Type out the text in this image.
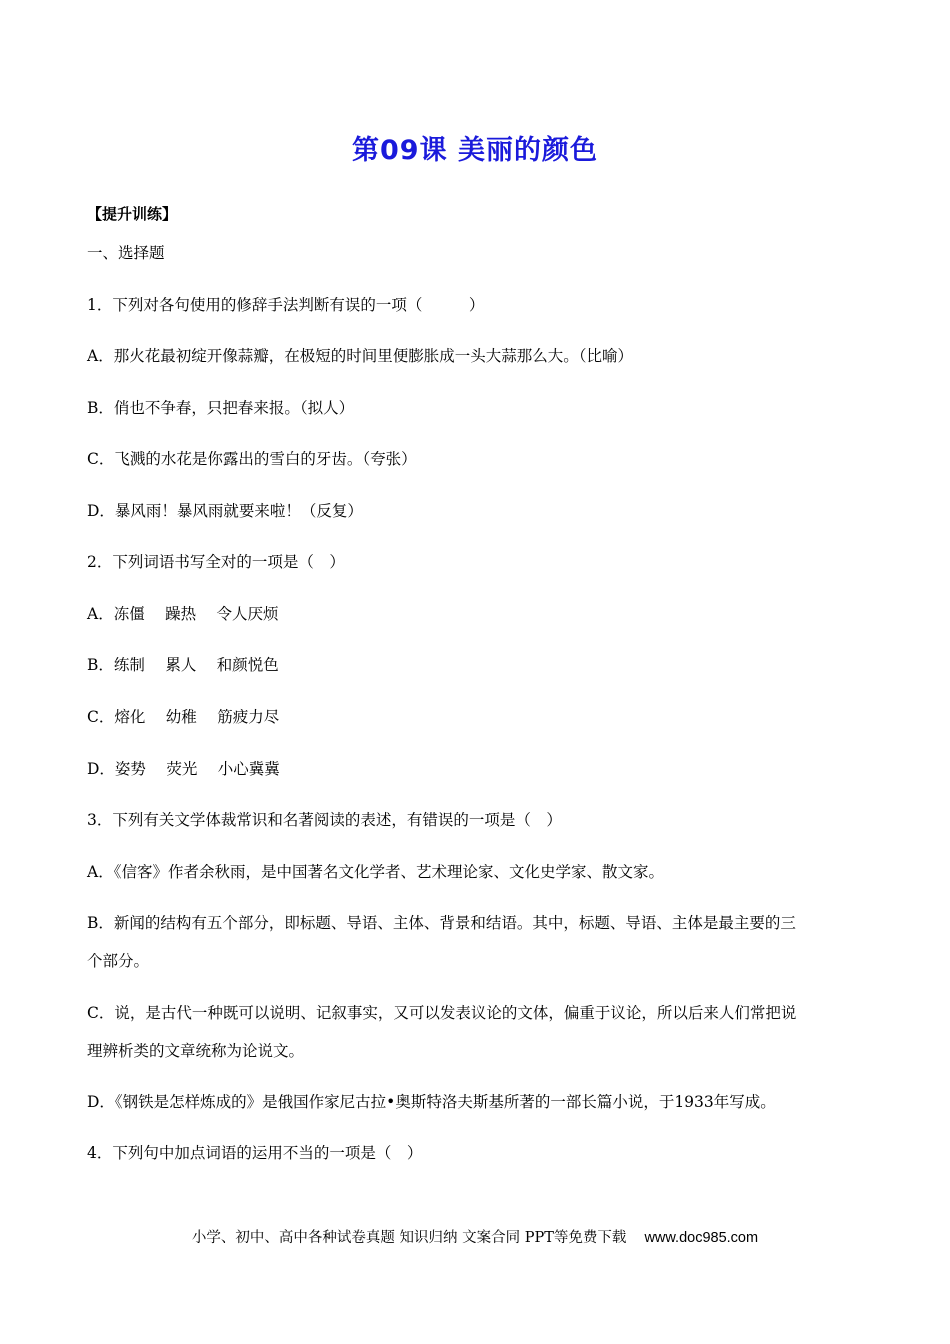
第09课 美丽的颜色
【提升训练】
一、选择题
1．下列对各句使用的修辞手法判断有误的一项（　　　）
A．那火花最初绽开像蒜瓣，在极短的时间里便膨胀成一头大蒜那么大。（比喻）
B．俏也不争春，只把春来报。（拟人）
C．飞溅的水花是你露出的雪白的牙齿。（夸张）
D．暴风雨！暴风雨就要来啦！（反复）
2．下列词语书写全对的一项是（　）
A．冻僵　 躁热　 令人厌烦
B．练制　 累人　 和颜悦色
C．熔化　 幼稚　 筋疲力尽
D．姿势　 荧光　 小心冀冀
3．下列有关文学体裁常识和名著阅读的表述，有错误的一项是（　）
A．《信客》作者余秋雨，是中国著名文化学者、艺术理论家、文化史学家、散文家。
B．新闻的结构有五个部分，即标题、导语、主体、背景和结语。其中，标题、导语、主体是最主要的三
个部分。
C．说，是古代一种既可以说明、记叙事实，又可以发表议论的文体，偏重于议论，所以后来人们常把说
理辨析类的文章统称为论说文。
D．《钢铁是怎样炼成的》是俄国作家尼古拉•奥斯特洛夫斯基所著的一部长篇小说，于1933年写成。
4．下列句中加点词语的运用不当的一项是（　）
小学、初中、高中各种试卷真题 知识归纳 文案合同 PPT等免费下载 www.doc985.com
